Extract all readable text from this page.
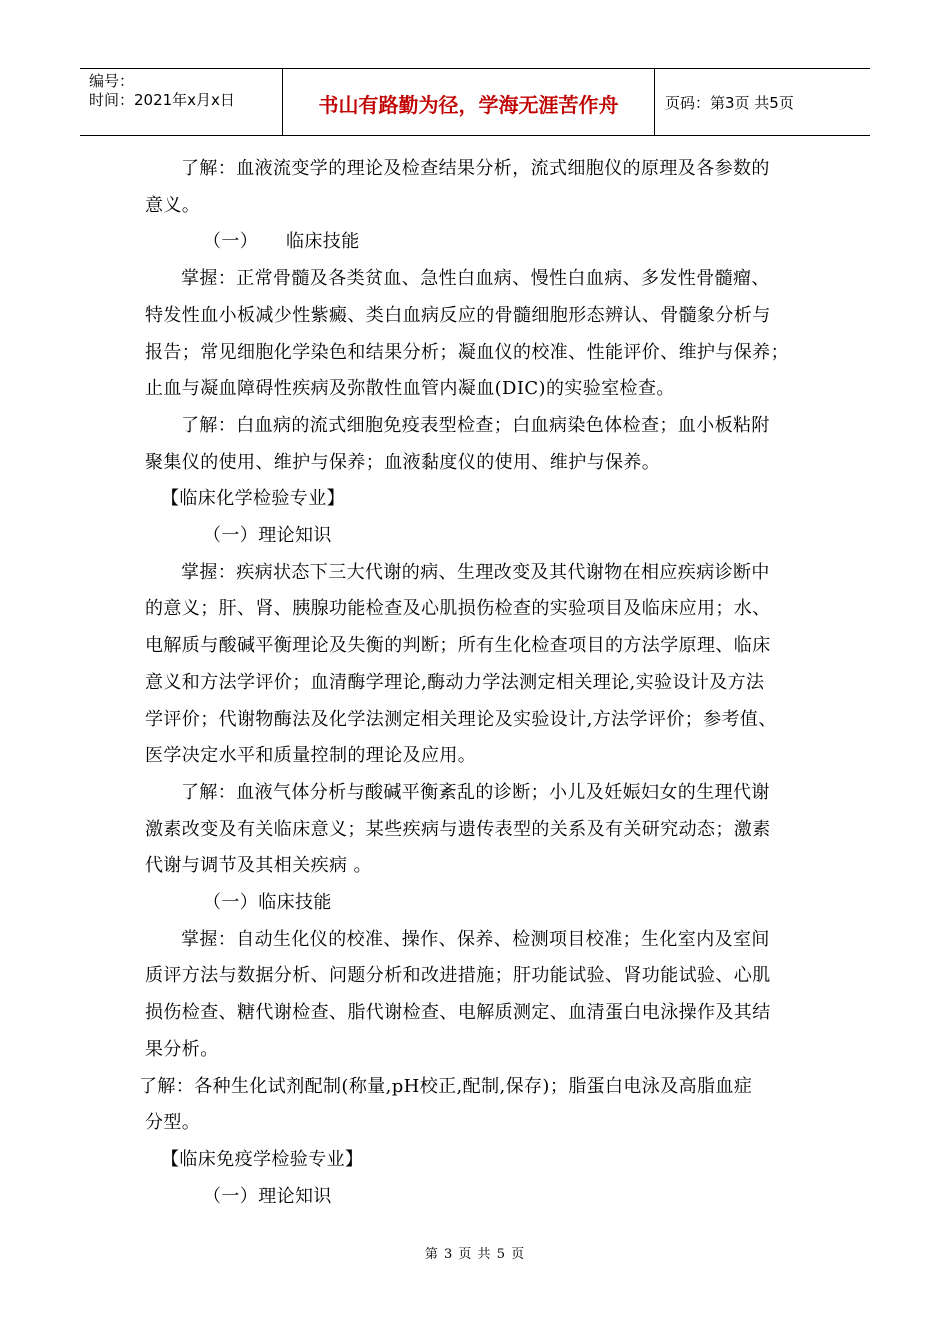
编号：
时间：2021年x月x日	书山有路勤为径，学海无涯苦作舟	页码：第3页 共5页

了解：血液流变学的理论及检查结果分析，流式细胞仪的原理及各参数的

意义。

（一）　　临床技能

掌握：正常骨髓及各类贫血、急性白血病、慢性白血病、多发性骨髓瘤、

特发性血小板减少性紫癜、类白血病反应的骨髓细胞形态辨认、骨髓象分析与

报告；常见细胞化学染色和结果分析；凝血仪的校准、性能评价、维护与保养；

止血与凝血障碍性疾病及弥散性血管内凝血(DIC)的实验室检查。

了解：白血病的流式细胞免疫表型检查；白血病染色体检查；血小板粘附

聚集仪的使用、维护与保养；血液黏度仪的使用、维护与保养。

【临床化学检验专业】

（一）理论知识

掌握：疾病状态下三大代谢的病、生理改变及其代谢物在相应疾病诊断中

的意义；肝、肾、胰腺功能检查及心肌损伤检查的实验项目及临床应用；水、

电解质与酸碱平衡理论及失衡的判断；所有生化检查项目的方法学原理、临床

意义和方法学评价；血清酶学理论,酶动力学法测定相关理论,实验设计及方法

学评价；代谢物酶法及化学法测定相关理论及实验设计,方法学评价；参考值、

医学决定水平和质量控制的理论及应用。

了解：血液气体分析与酸碱平衡紊乱的诊断；小儿及妊娠妇女的生理代谢

激素改变及有关临床意义；某些疾病与遗传表型的关系及有关研究动态；激素

代谢与调节及其相关疾病 。

（一）临床技能

掌握：自动生化仪的校准、操作、保养、检测项目校准；生化室内及室间

质评方法与数据分析、问题分析和改进措施；肝功能试验、肾功能试验、心肌

损伤检查、糖代谢检查、脂代谢检查、电解质测定、血清蛋白电泳操作及其结

果分析。

了解：各种生化试剂配制(称量,pH校正,配制,保存)；脂蛋白电泳及高脂血症

分型。

【临床免疫学检验专业】

（一）理论知识

第 3 页 共 5 页
